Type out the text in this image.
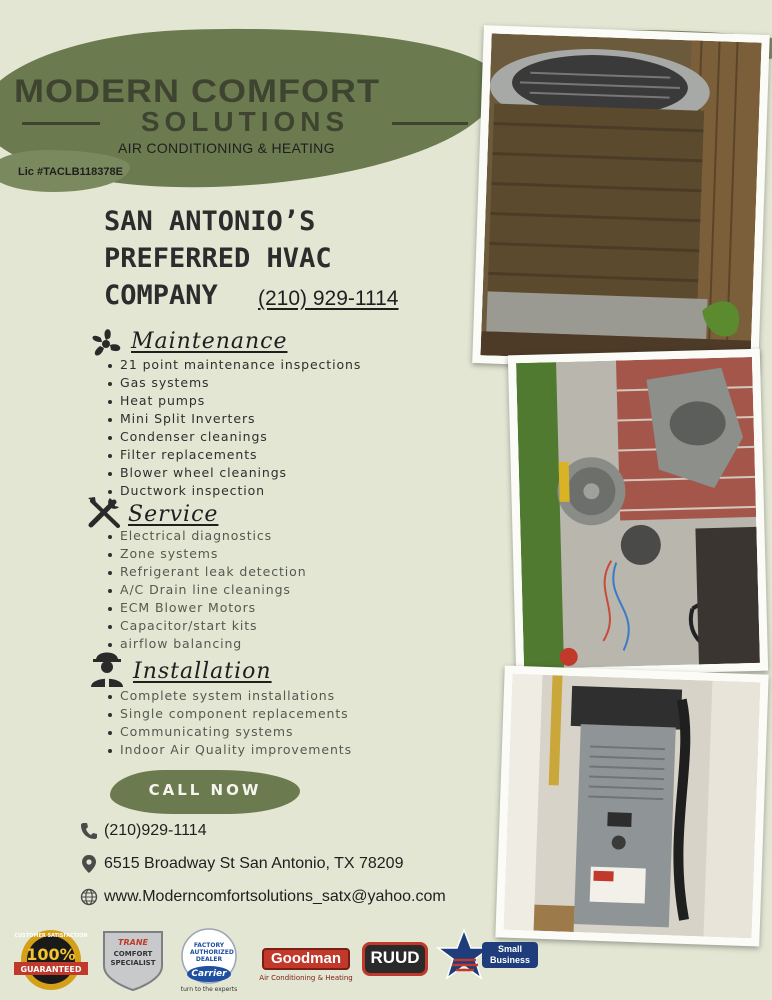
MODERN COMFORT
SOLUTIONS
AIR CONDITIONING & HEATING
Lic #TACLB118378E
SAN ANTONIO’S
PREFERRED HVAC
COMPANY	(210) 929-1114
Maintenance
21 point maintenance inspections
Gas systems
Heat pumps
Mini Split Inverters
Condenser cleanings
Filter replacements
Blower wheel cleanings
Ductwork inspection
Service
Electrical diagnostics
Zone systems
Refrigerant leak detection
A/C Drain line cleanings
ECM Blower Motors
Capacitor/start kits
airflow balancing
Installation
Complete system installations
Single component replacements
Communicating systems
Indoor Air Quality improvements
CALL NOW
(210)929-1114
6515 Broadway St San Antonio, TX 78209
www.Moderncomfortsolutions_satx@yahoo.com
CUSTOMER SATISFACTION
100%
GUARANTEED
TRANE
COMFORT SPECIALIST
FACTORY AUTHORIZED DEALER
Carrier
turn to the experts
Goodman
Air Conditioning & Heating
RUUD	Small Business
